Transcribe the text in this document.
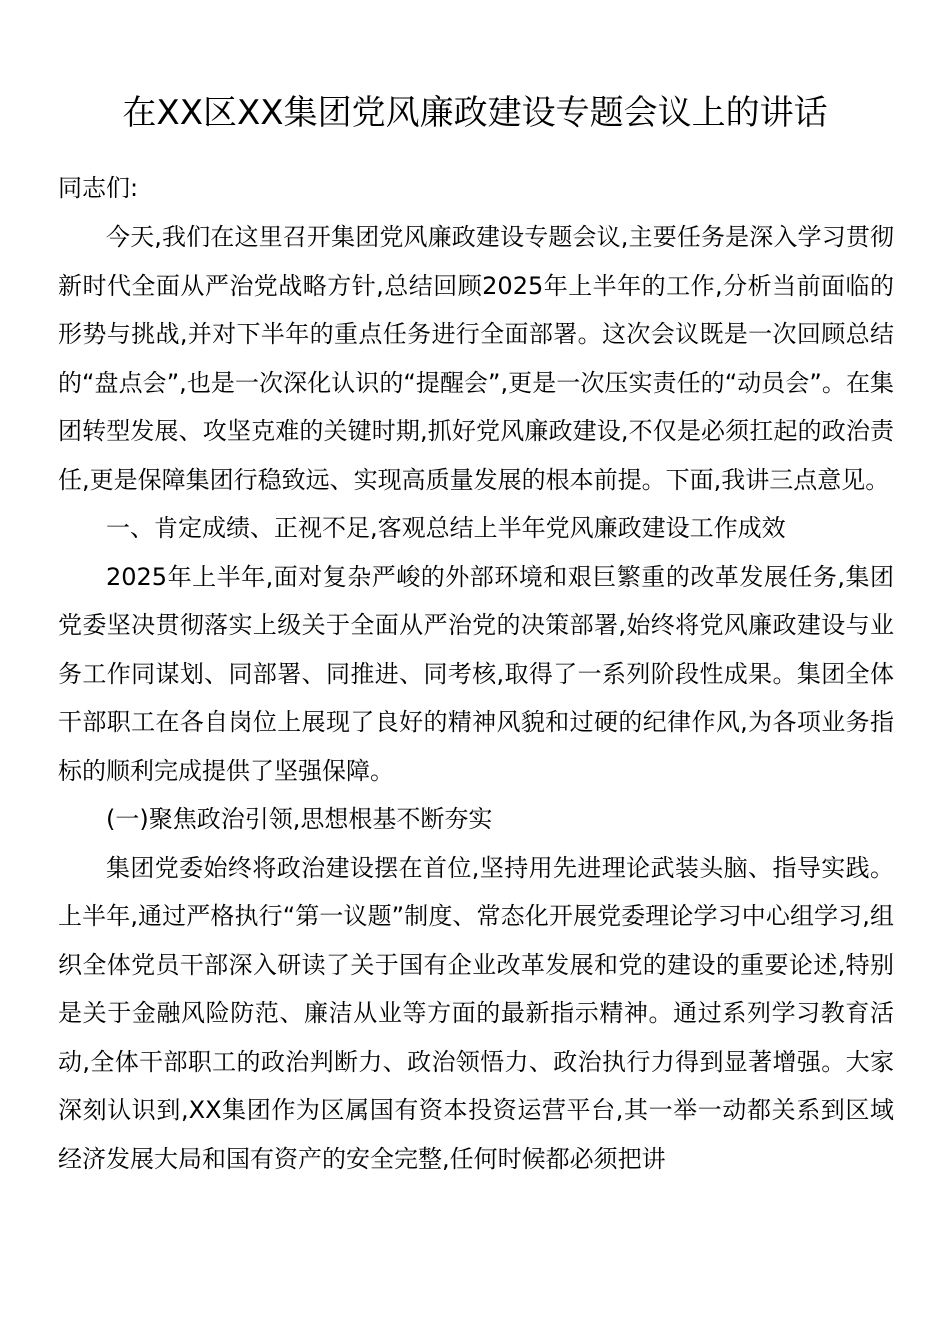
在XX区XX集团党风廉政建设专题会议上的讲话
同志们:

今天,我们在这里召开集团党风廉政建设专题会议,主要任务是深入学习贯彻新时代全面从严治党战略方针,总结回顾2025年上半年的工作,分析当前面临的形势与挑战,并对下半年的重点任务进行全面部署。这次会议既是一次回顾总结的“盘点会”,也是一次深化认识的“提醒会”,更是一次压实责任的“动员会”。在集团转型发展、攻坚克难的关键时期,抓好党风廉政建设,不仅是必须扛起的政治责任,更是保障集团行稳致远、实现高质量发展的根本前提。下面,我讲三点意见。

一、肯定成绩、正视不足,客观总结上半年党风廉政建设工作成效

2025年上半年,面对复杂严峻的外部环境和艰巨繁重的改革发展任务,集团党委坚决贯彻落实上级关于全面从严治党的决策部署,始终将党风廉政建设与业务工作同谋划、同部署、同推进、同考核,取得了一系列阶段性成果。集团全体干部职工在各自岗位上展现了良好的精神风貌和过硬的纪律作风,为各项业务指标的顺利完成提供了坚强保障。

(一)聚焦政治引领,思想根基不断夯实

集团党委始终将政治建设摆在首位,坚持用先进理论武装头脑、指导实践。上半年,通过严格执行“第一议题”制度、常态化开展党委理论学习中心组学习,组织全体党员干部深入研读了关于国有企业改革发展和党的建设的重要论述,特别是关于金融风险防范、廉洁从业等方面的最新指示精神。通过系列学习教育活动,全体干部职工的政治判断力、政治领悟力、政治执行力得到显著增强。大家深刻认识到,XX集团作为区属国有资本投资运营平台,其一举一动都关系到区域经济发展大局和国有资产的安全完整,任何时候都必须把讲
